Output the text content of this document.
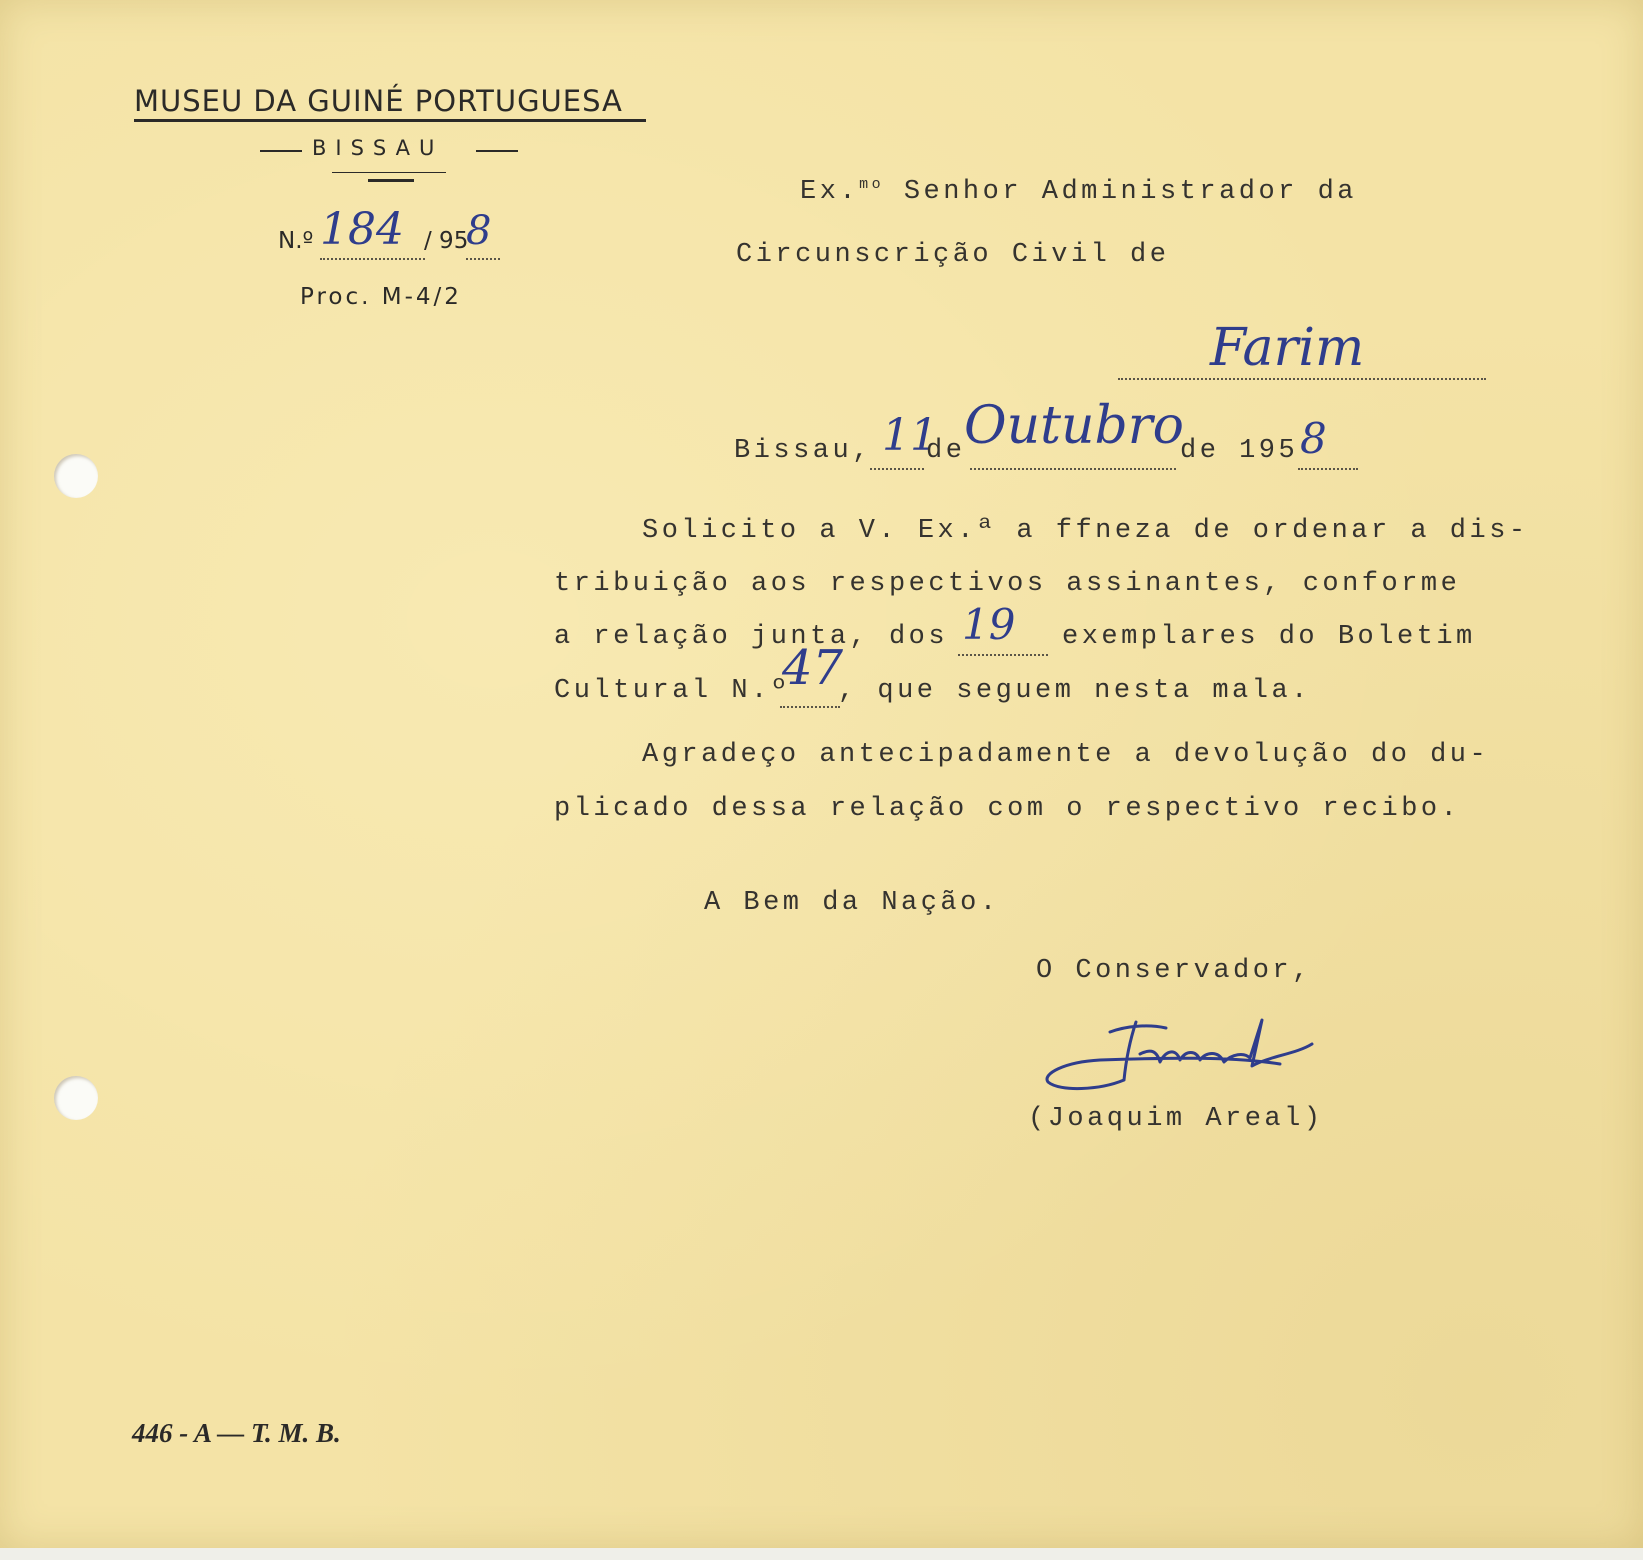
MUSEU DA GUINÉ PORTUGUESA
BISSAU
N.º 184 / 95
8
Proc. M-4/2
Ex.$^{mo}$ Senhor Administrador da
Circunscrição Civil de
Farim
Bissau, 11
de
Outubro
de 195 8
Solicito a V. Ex.ª a ffneza de ordenar a dis-
tribuição aos respectivos assinantes, conforme
a relação junta, dos 19 exemplares do Boletim
Cultural N.º
47
, que seguem nesta mala.
Agradeço antecipadamente a devolução do du-
plicado dessa relação com o respectivo recibo.
A Bem da Nação.
O Conservador,
(Joaquim Areal)
446 - A — T. M. B.
